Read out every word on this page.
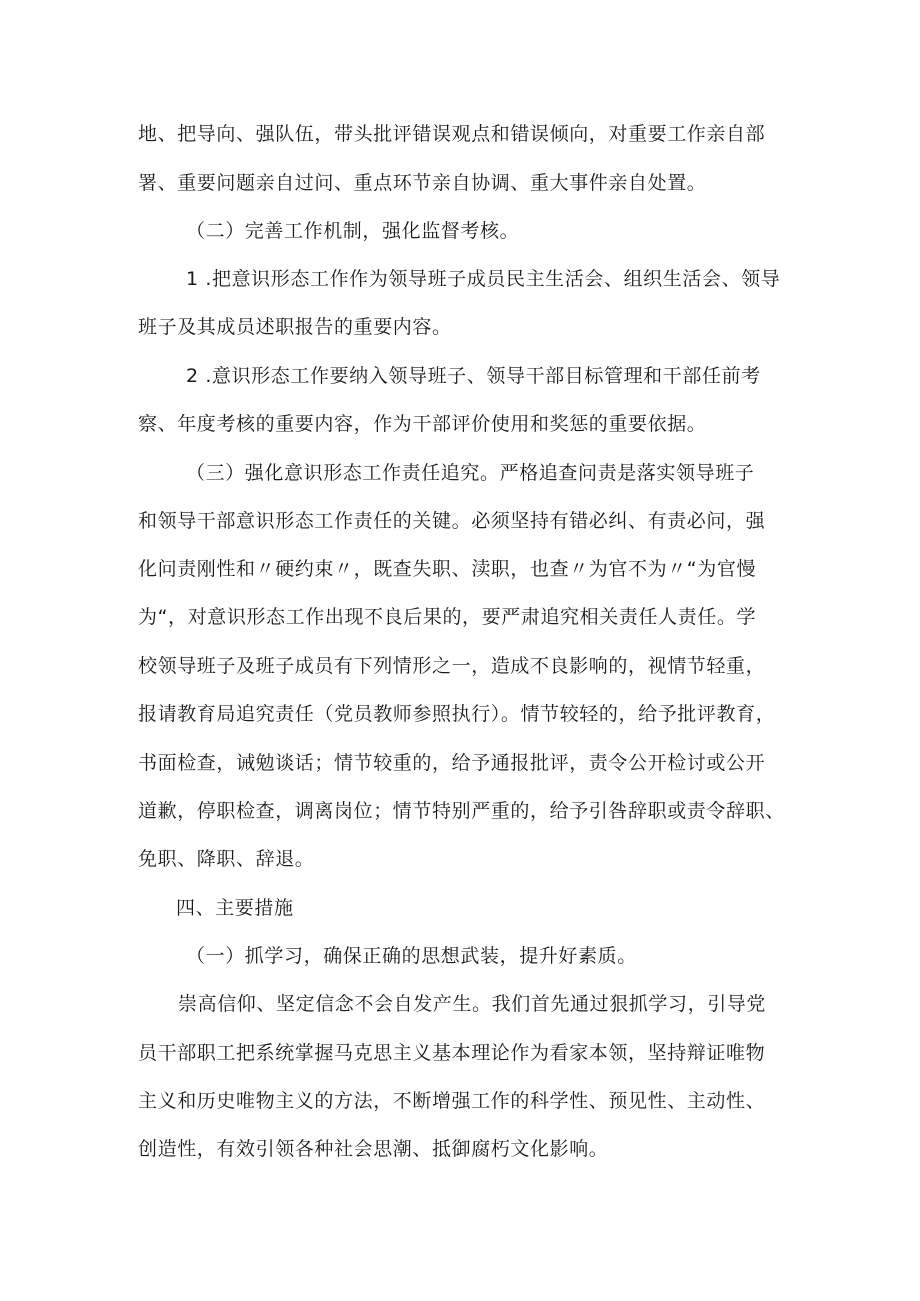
地、把导向、强队伍，带头批评错误观点和错误倾向，对重要工作亲自部

署、重要问题亲自过问、重点环节亲自协调、重大事件亲自处置。

（二）完善工作机制，强化监督考核。

1 .把意识形态工作作为领导班子成员民主生活会、组织生活会、领导

班子及其成员述职报告的重要内容。

2 .意识形态工作要纳入领导班子、领导干部目标管理和干部任前考

察、年度考核的重要内容，作为干部评价使用和奖惩的重要依据。

（三）强化意识形态工作责任追究。严格追查问责是落实领导班子

和领导干部意识形态工作责任的关键。必须坚持有错必纠、有责必问，强

化问责刚性和〃硬约束〃，既查失职、渎职，也查〃为官不为〃“为官慢

为“，对意识形态工作出现不良后果的，要严肃追究相关责任人责任。学

校领导班子及班子成员有下列情形之一，造成不良影响的，视情节轻重，

报请教育局追究责任（党员教师参照执行）。情节较轻的，给予批评教育，

书面检查，诫勉谈话；情节较重的，给予通报批评，责令公开检讨或公开

道歉，停职检查，调离岗位；情节特别严重的，给予引咎辞职或责令辞职、

免职、降职、辞退。

四、主要措施

（一）抓学习，确保正确的思想武装，提升好素质。

崇高信仰、坚定信念不会自发产生。我们首先通过狠抓学习，引导党

员干部职工把系统掌握马克思主义基本理论作为看家本领，坚持辩证唯物

主义和历史唯物主义的方法，不断增强工作的科学性、预见性、主动性、

创造性，有效引领各种社会思潮、抵御腐朽文化影响。
